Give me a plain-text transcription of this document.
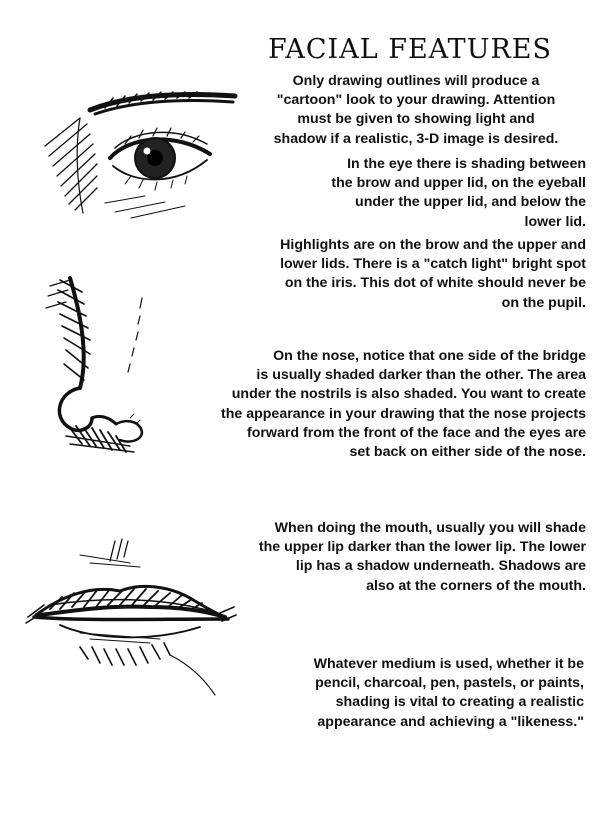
FACIAL FEATURES

Only drawing outlines will produce a
"cartoon" look to your drawing. Attention
must be given to showing light and
shadow if a realistic, 3-D image is desired.

In the eye there is shading between
the brow and upper lid, on the eyeball
under the upper lid, and below the
lower lid.

Highlights are on the brow and the upper and
lower lids. There is a "catch light" bright spot
on the iris. This dot of white should never be
on the pupil.

On the nose, notice that one side of the bridge
is usually shaded darker than the other. The area
under the nostrils is also shaded. You want to create
the appearance in your drawing that the nose projects
forward from the front of the face and the eyes are
set back on either side of the nose.

When doing the mouth, usually you will shade
the upper lip darker than the lower lip. The lower
lip has a shadow underneath. Shadows are
also at the corners of the mouth.

Whatever medium is used, whether it be
pencil, charcoal, pen, pastels, or paints,
shading is vital to creating a realistic
appearance and achieving a "likeness."
